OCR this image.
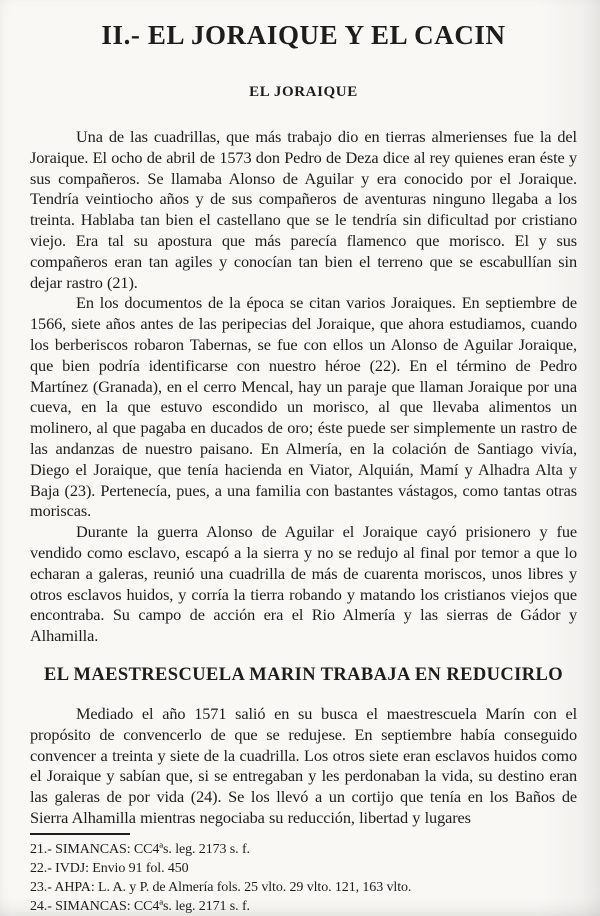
II.- EL JORAIQUE Y EL CACIN
EL JORAIQUE

Una de las cuadrillas, que más trabajo dio en tierras almerienses fue la del Joraique. El ocho de abril de 1573 don Pedro de Deza dice al rey quienes eran éste y sus compañeros. Se llamaba Alonso de Aguilar y era conocido por el Joraique. Tendría veintiocho años y de sus compañeros de aventuras ninguno llegaba a los treinta. Hablaba tan bien el castellano que se le tendría sin dificultad por cristiano viejo. Era tal su apostura que más parecía flamenco que morisco. El y sus compañeros eran tan agiles y conocían tan bien el terreno que se escabullían sin dejar rastro (21).

En los documentos de la época se citan varios Joraiques. En septiembre de 1566, siete años antes de las peripecias del Joraique, que ahora estudiamos, cuando los berberiscos robaron Tabernas, se fue con ellos un Alonso de Aguilar Joraique, que bien podría identificarse con nuestro héroe (22). En el término de Pedro Martínez (Granada), en el cerro Mencal, hay un paraje que llaman Joraique por una cueva, en la que estuvo escondido un morisco, al que llevaba alimentos un molinero, al que pagaba en ducados de oro; éste puede ser simplemente un rastro de las andanzas de nuestro paisano. En Almería, en la colación de Santiago vivía, Diego el Joraique, que tenía hacienda en Viator, Alquián, Mamí y Alhadra Alta y Baja (23). Pertenecía, pues, a una familia con bastantes vástagos, como tantas otras moriscas.

Durante la guerra Alonso de Aguilar el Joraique cayó prisionero y fue vendido como esclavo, escapó a la sierra y no se redujo al final por temor a que lo echaran a galeras, reunió una cuadrilla de más de cuarenta moriscos, unos libres y otros esclavos huidos, y corría la tierra robando y matando los cristianos viejos que encontraba. Su campo de acción era el Rio Almería y las sierras de Gádor y Alhamilla.

EL MAESTRESCUELA MARIN TRABAJA EN REDUCIRLO

Mediado el año 1571 salió en su busca el maestrescuela Marín con el propósito de convencerlo de que se redujese. En septiembre había conseguido convencer a treinta y siete de la cuadrilla. Los otros siete eran esclavos huidos como el Joraique y sabían que, si se entregaban y les perdonaban la vida, su destino eran las galeras de por vida (24). Se los llevó a un cortijo que tenía en los Baños de Sierra Alhamilla mientras negociaba su reducción, libertad y lugares

21.- SIMANCAS: CC4ªs. leg. 2173 s. f.

22.- IVDJ: Envio 91 fol. 450

23.- AHPA: L. A. y P. de Almería fols. 25 vlto. 29 vlto. 121, 163 vlto.

24.- SIMANCAS: CC4ªs. leg. 2171 s. f.
